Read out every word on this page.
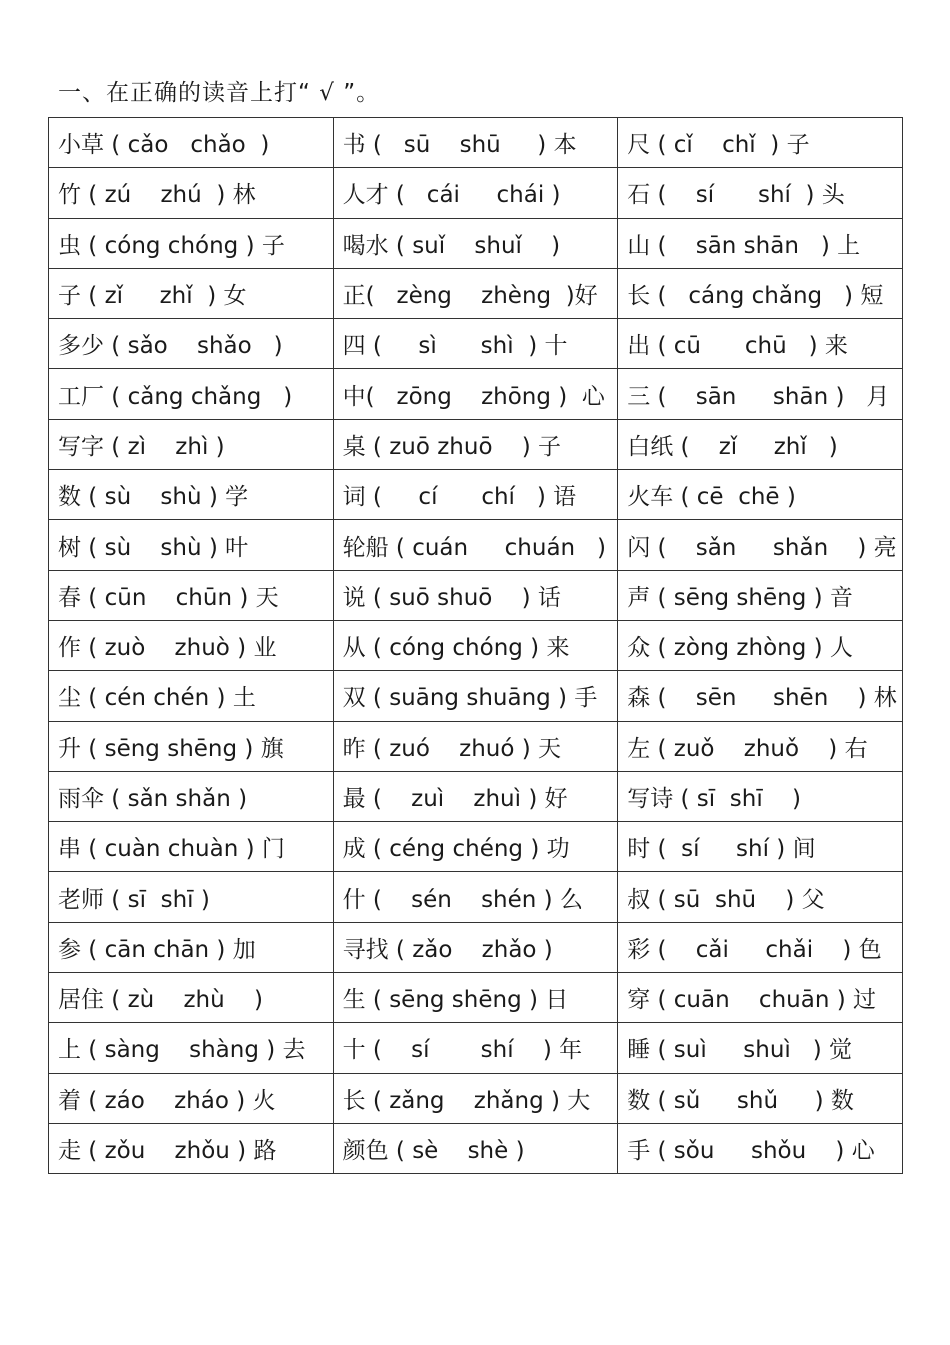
一、在正确的读音上打“ √ ”。
小草 ( cǎo   chǎo  )	书 (   sū    shū     ) 本	尺 ( cǐ    chǐ  ) 子
竹 ( zú    zhú  ) 林	人才 (   cái     chái )	石 (    sí      shí  ) 头
虫 ( cóng chóng ) 子	喝水 ( suǐ    shuǐ    )	山 (    sān shān   ) 上
子 ( zǐ     zhǐ  ) 女	正(   zèng    zhèng  )好	长 (   cáng chǎng   ) 短
多少 ( sǎo    shǎo   )	四 (     sì      shì  ) 十	出 ( cū      chū   ) 来
工厂 ( cǎng chǎng   )	中(   zōng    zhōng )  心	三 (    sān     shān )   月
写字 ( zì    zhì )	桌 ( zuō zhuō    ) 子	白纸 (    zǐ     zhǐ   )
数 ( sù    shù ) 学	词 (     cí      chí   ) 语	火车 ( cē  chē )
树 ( sù    shù ) 叶	轮船 ( cuán     chuán   )	闪 (    sǎn     shǎn    ) 亮
春 ( cūn    chūn ) 天	说 ( suō shuō    ) 话	声 ( sēng shēng ) 音
作 ( zuò    zhuò ) 业	从 ( cóng chóng ) 来	众 ( zòng zhòng ) 人
尘 ( cén chén ) 土	双 ( suāng shuāng ) 手	森 (    sēn     shēn    ) 林
升 ( sēng shēng ) 旗	昨 ( zuó    zhuó ) 天	左 ( zuǒ    zhuǒ    ) 右
雨伞 ( sǎn shǎn )	最 (    zuì    zhuì ) 好	写诗 ( sī  shī    )
串 ( cuàn chuàn ) 门	成 ( céng chéng ) 功	时 (  sí     shí ) 间
老师 ( sī  shī )	什 (    sén    shén ) 么	叔 ( sū  shū    ) 父
参 ( cān chān ) 加	寻找 ( zǎo    zhǎo )	彩 (    cǎi     chǎi    ) 色
居住 ( zù    zhù    )	生 ( sēng shēng ) 日	穿 ( cuān    chuān ) 过
上 ( sàng    shàng ) 去	十 (    sí       shí    ) 年	睡 ( suì     shuì   ) 觉
着 ( záo    zháo ) 火	长 ( zǎng    zhǎng ) 大	数 ( sǔ     shǔ     ) 数
走 ( zǒu    zhǒu ) 路	颜色 ( sè    shè )	手 ( sǒu     shǒu    ) 心
